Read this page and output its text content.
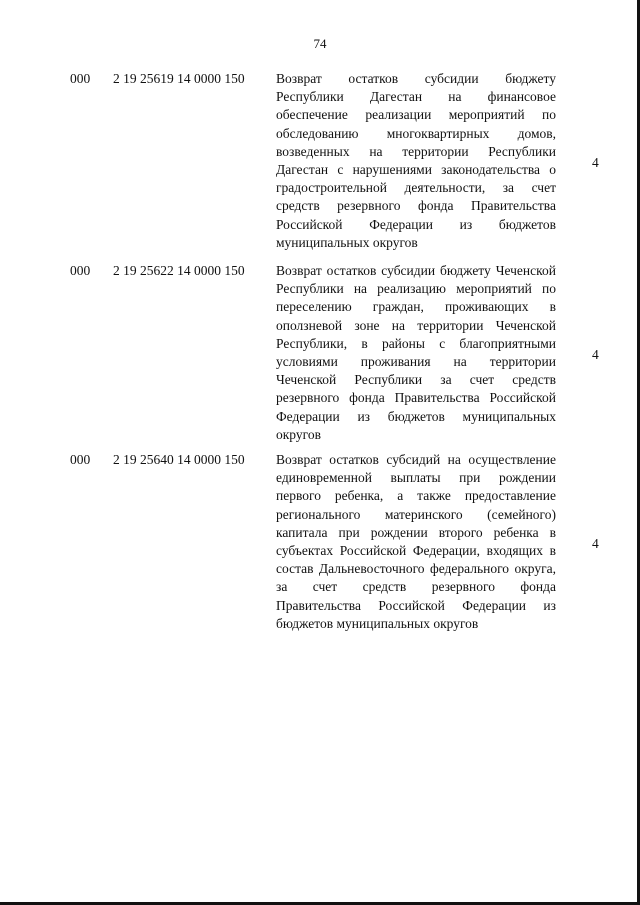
74
000 2 19 25619 14 0000 150 Возврат остатков субсидии бюджету Республики Дагестан на финансовое обеспечение реализации мероприятий по обследованию многоквартирных домов, возведенных на территории Республики Дагестан с нарушениями законодательства о градостроительной деятельности, за счет средств резервного фонда Правительства Российской Федерации из бюджетов муниципальных округов
4
000 2 19 25622 14 0000 150 Возврат остатков субсидии бюджету Чеченской Республики на реализацию мероприятий по переселению граждан, проживающих в оползневой зоне на территории Чеченской Республики, в районы с благоприятными условиями проживания на территории Чеченской Республики за счет средств резервного фонда Правительства Российской Федерации из бюджетов муниципальных округов
4
000 2 19 25640 14 0000 150 Возврат остатков субсидий на осуществление единовременной выплаты при рождении первого ребенка, а также предоставление регионального материнского (семейного) капитала при рождении второго ребенка в субъектах Российской Федерации, входящих в состав Дальневосточного федерального округа, за счет средств резервного фонда Правительства Российской Федерации из бюджетов муниципальных округов
4
